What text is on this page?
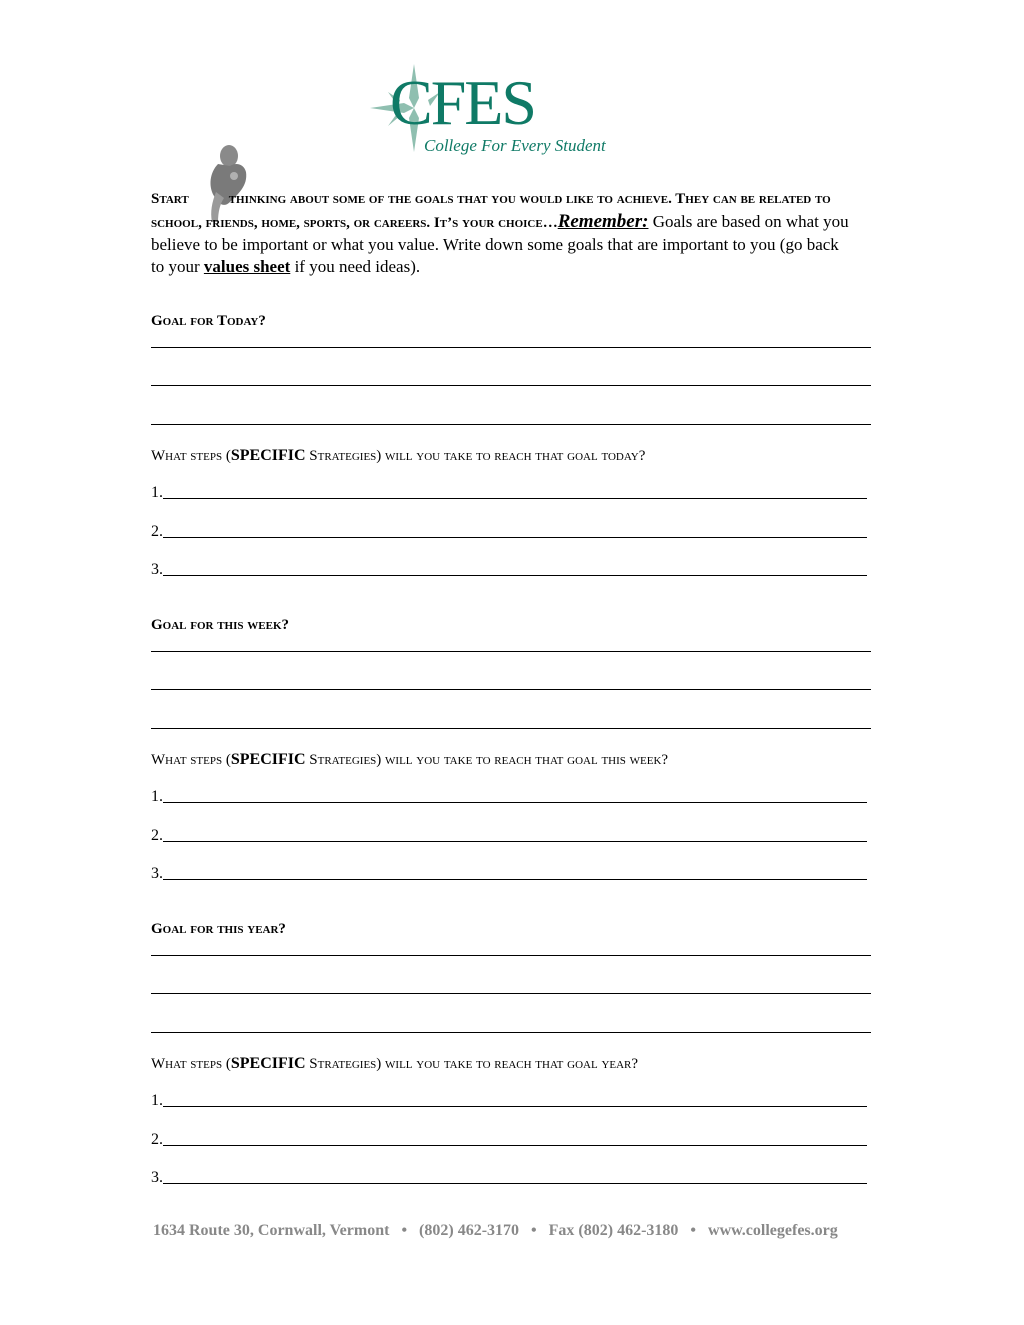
CFES
College For Every Student
Start	thinking about some of the goals that you would like to achieve. They can be related to school, friends, home, sports, or careers. It’s your choice…Remember: Goals are based on what you believe to be important or what you value. Write down some goals that are important to you (go back to your values sheet if you need ideas).
Goal for Today?
What steps (SPECIFIC Strategies) will you take to reach that goal today?
1.
2.
3.
Goal for this week?
What steps (SPECIFIC Strategies) will you take to reach that goal this week?
1.
2.
3.
Goal for this year?
What steps (SPECIFIC Strategies) will you take to reach that goal year?
1.
2.
3.
1634 Route 30, Cornwall, Vermont • (802) 462-3170 • Fax (802) 462-3180 • www.collegefes.org
